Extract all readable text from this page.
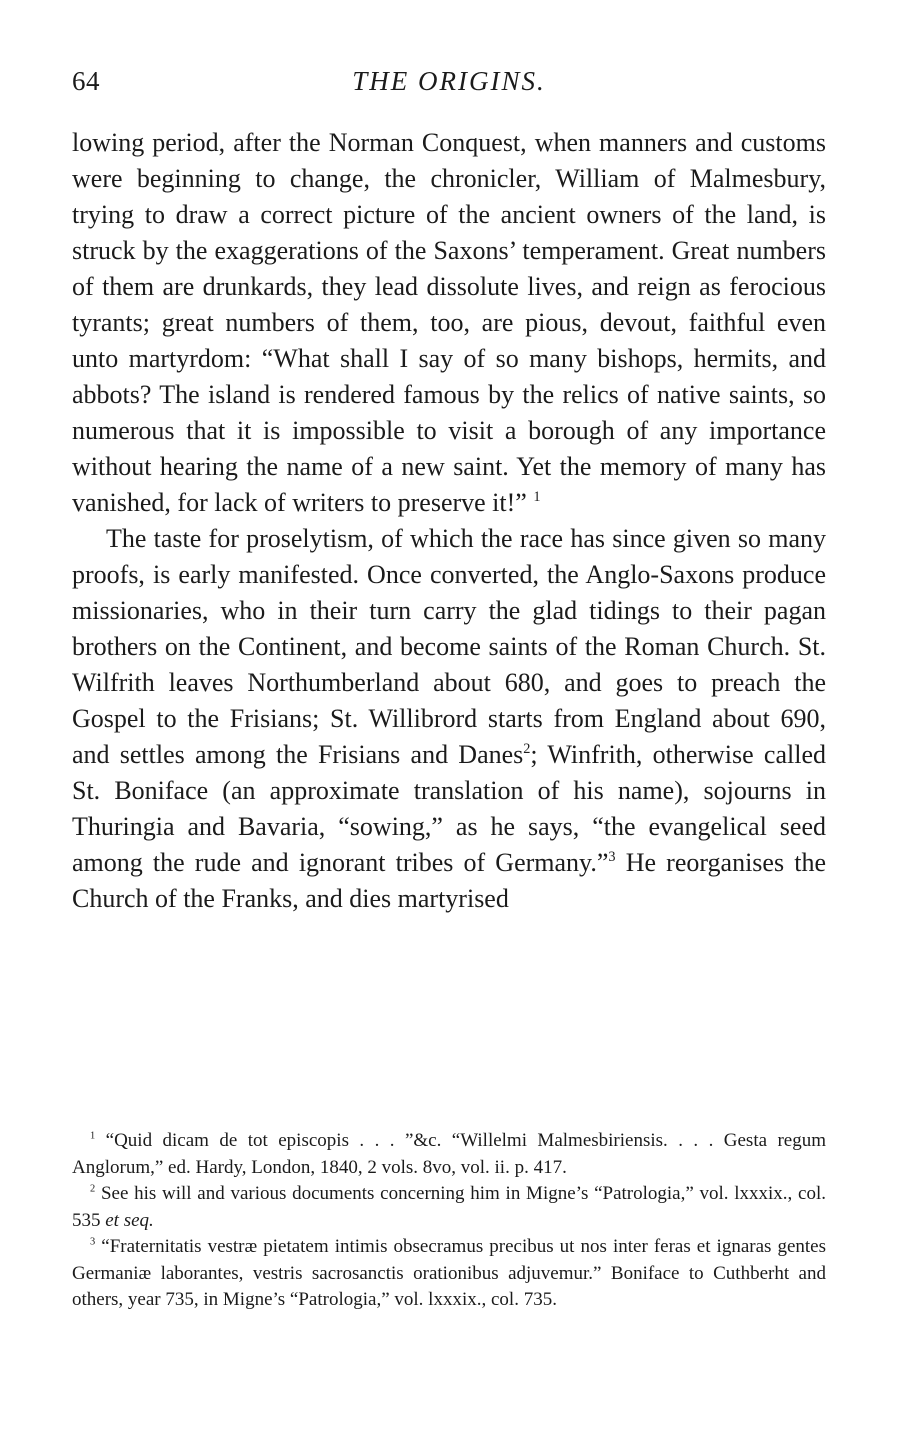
64	THE ORIGINS.

lowing period, after the Norman Conquest, when manners and customs were beginning to change, the chronicler, William of Malmesbury, trying to draw a correct picture of the ancient owners of the land, is struck by the exaggerations of the Saxons’ temperament. Great numbers of them are drunkards, they lead dissolute lives, and reign as ferocious tyrants; great numbers of them, too, are pious, devout, faithful even unto martyrdom: “What shall I say of so many bishops, hermits, and abbots? The island is rendered famous by the relics of native saints, so numerous that it is impossible to visit a borough of any importance without hearing the name of a new saint. Yet the memory of many has vanished, for lack of writers to preserve it!” $^1$

The taste for proselytism, of which the race has since given so many proofs, is early manifested. Once converted, the Anglo-Saxons produce missionaries, who in their turn carry the glad tidings to their pagan brothers on the Continent, and become saints of the Roman Church. St. Wilfrith leaves Northumberland about 680, and goes to preach the Gospel to the Frisians; St. Willibrord starts from England about 690, and settles among the Frisians and Danes$^2$; Winfrith, otherwise called St. Boniface (an approximate translation of his name), sojourns in Thuringia and Bavaria, “sowing,” as he says, “the evangelical seed among the rude and ignorant tribes of Germany.”$^3$ He reorganises the Church of the Franks, and dies martyrised

$^1$ “Quid dicam de tot episcopis . . . ”&c. “Willelmi Malmesbiriensis. . . . Gesta regum Anglorum,” ed. Hardy, London, 1840, 2 vols. 8vo, vol. ii. p. 417.

$^2$ See his will and various documents concerning him in Migne’s “Patrologia,” vol. lxxxix., col. 535 et seq.

$^3$ “Fraternitatis vestræ pietatem intimis obsecramus precibus ut nos inter feras et ignaras gentes Germaniæ laborantes, vestris sacrosanctis orationibus adjuvemur.” Boniface to Cuthberht and others, year 735, in Migne’s “Patrologia,” vol. lxxxix., col. 735.
